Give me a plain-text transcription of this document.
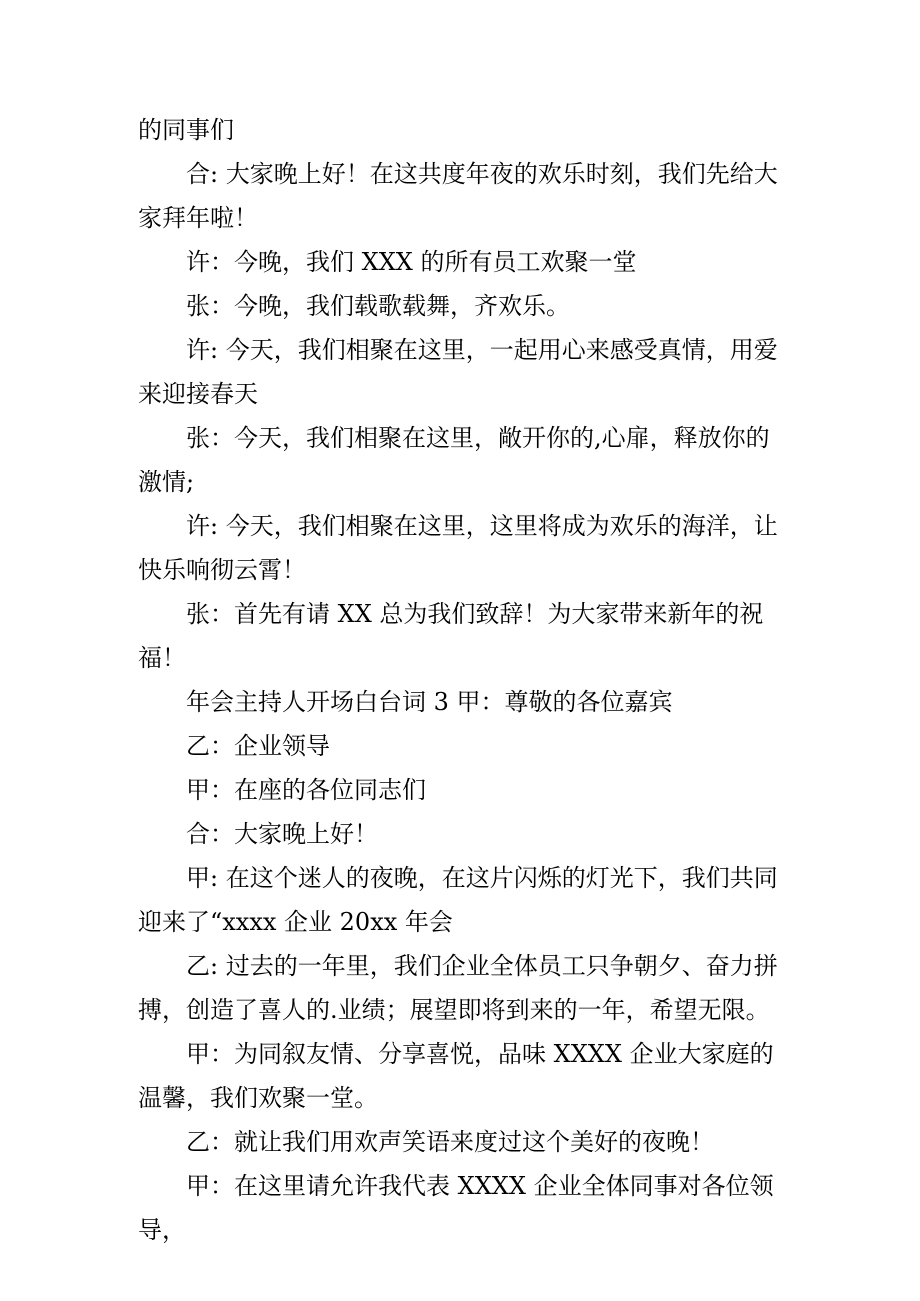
的同事们

合: 大家晚上好！在这共度年夜的欢乐时刻，我们先给大家拜年啦！

许：今晚，我们 XXX 的所有员工欢聚一堂

张：今晚，我们载歌载舞，齐欢乐。

许: 今天，我们相聚在这里，一起用心来感受真情，用爱来迎接春天

张：今天，我们相聚在这里，敞开你的,心扉，释放你的激情;

许: 今天，我们相聚在这里，这里将成为欢乐的海洋，让快乐响彻云霄！

张：首先有请 XX 总为我们致辞！为大家带来新年的祝福！

年会主持人开场白台词 3 甲：尊敬的各位嘉宾

乙：企业领导

甲：在座的各位同志们

合：大家晚上好！

甲: 在这个迷人的夜晚，在这片闪烁的灯光下，我们共同迎来了“xxxx 企业 20xx 年会

乙: 过去的一年里，我们企业全体员工只争朝夕、奋力拼搏，创造了喜人的.业绩；展望即将到来的一年，希望无限。

甲：为同叙友情、分享喜悦，品味 XXXX 企业大家庭的温馨，我们欢聚一堂。

乙：就让我们用欢声笑语来度过这个美好的夜晚！

甲：在这里请允许我代表 XXXX 企业全体同事对各位领导，
